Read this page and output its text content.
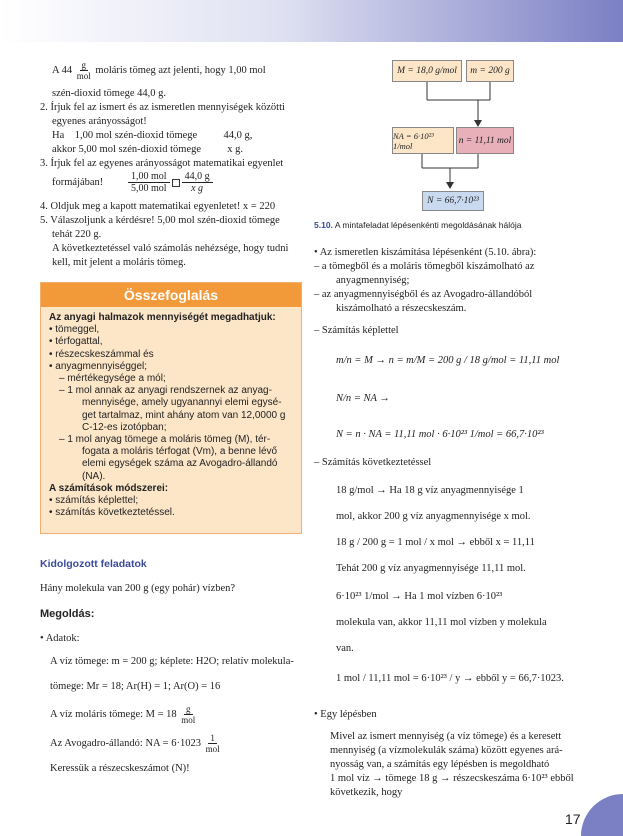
A $44 \frac{g}{\text{mol}}$ moláris tömeg azt jelenti, hogy 1,00 mol

szén-dioxid tömege 44,0 g.

2. Írjuk fel az ismert és az ismeretlen mennyiségek közötti

egyenes arányosságot!

Ha    1,00 mol szén-dioxid tömege          44,0 g,

akkor 5,00 mol szén-dioxid tömege          x g.

3. Írjuk fel az egyenes arányosságot matematikai egyenlet

formájában!
1,00 mol
5,00 mol $\frac{44,0 g}{\text{x g}}$

4. Oldjuk meg a kapott matematikai egyenletet! x = 220

5. Válaszoljunk a kérdésre! 5,00 mol szén-dioxid tömege

tehát 220 g.

A következtetéssel való számolás nehézsége, hogy tudni

kell, mit jelent a moláris tömeg.

Összefoglalás
Az anyagi halmazok mennyiségét megadhatjuk:
• tömeggel,
• térfogattal,
• részecskeszámmal és
• anyagmennyiséggel;
– mértékegysége a mól;
– 1 mol annak az anyagi rendszernek az anyag-
mennyisége, amely ugyanannyi elemi egysé-
get tartalmaz, mint ahány atom van 12,0000 g
C-12-es izotópban;
– 1 mol anyag tömege a moláris tömeg (M), tér-
fogata a moláris térfogat (Vm), a benne lévő
elemi egységek száma az Avogadro-állandó
(NA).
A számítások módszerei:
• számítás képlettel;
• számítás következtetéssel.
Kidolgozott feladatok

Hány molekula van 200 g (egy pohár) vízben?

Megoldás:

• Adatok:

A víz tömege: m = 200 g; képlete: H2O; relatív molekula-

tömege: Mr = 18; Ar(H) = 1; Ar(O) = 16

A víz moláris tömege: $M = 18 \frac{g}{\text{mol}}$

Az Avogadro-állandó: NA = $6\cdot 1023 \frac{1}{\text{mol}}$

Keressük a részecskeszámot (N)!

M = 18,0 g/mol	m = 200 g
NA = 6·10²³ 1/mol	n = 11,11 mol
N = 66,7·10²³
5.10. A mintafeladat lépésenkénti megoldásának hálója

• Az ismeretlen kiszámítása lépésenként (5.10. ábra):

– a tömegből és a moláris tömegből kiszámolható az

anyagmennyiség;

– az anyagmennyiségből és az Avogadro-állandóból

kiszámolható a részecskeszám.

– Számítás képlettel

m/n = M → n = m/M = 200 g / 18 g/mol = 11,11 mol

N/n = NA →

N = n · NA = 11,11 mol · 6·10²³ 1/mol = 66,7·10²³

– Számítás következtetéssel

18 g/mol → Ha 18 g víz anyagmennyisége 1

mol, akkor 200 g víz anyagmennyisége x mol.

18 g / 200 g = 1 mol / x mol → ebből x = 11,11

Tehát 200 g víz anyagmennyisége 11,11 mol.

6·10²³ 1/mol → Ha 1 mol vízben 6·10²³

molekula van, akkor 11,11 mol vízben y molekula

van.

1 mol / 11,11 mol = 6·10²³ / y → ebből y = 66,7·1023.

• Egy lépésben

Mivel az ismert mennyiség (a víz tömege) és a keresett

mennyiség (a vízmolekulák száma) között egyenes ará-

nyosság van, a számítás egy lépésben is megoldható

1 mol víz → tömege 18 g → részecskeszáma 6·10²³ ebből

következik, hogy

17
